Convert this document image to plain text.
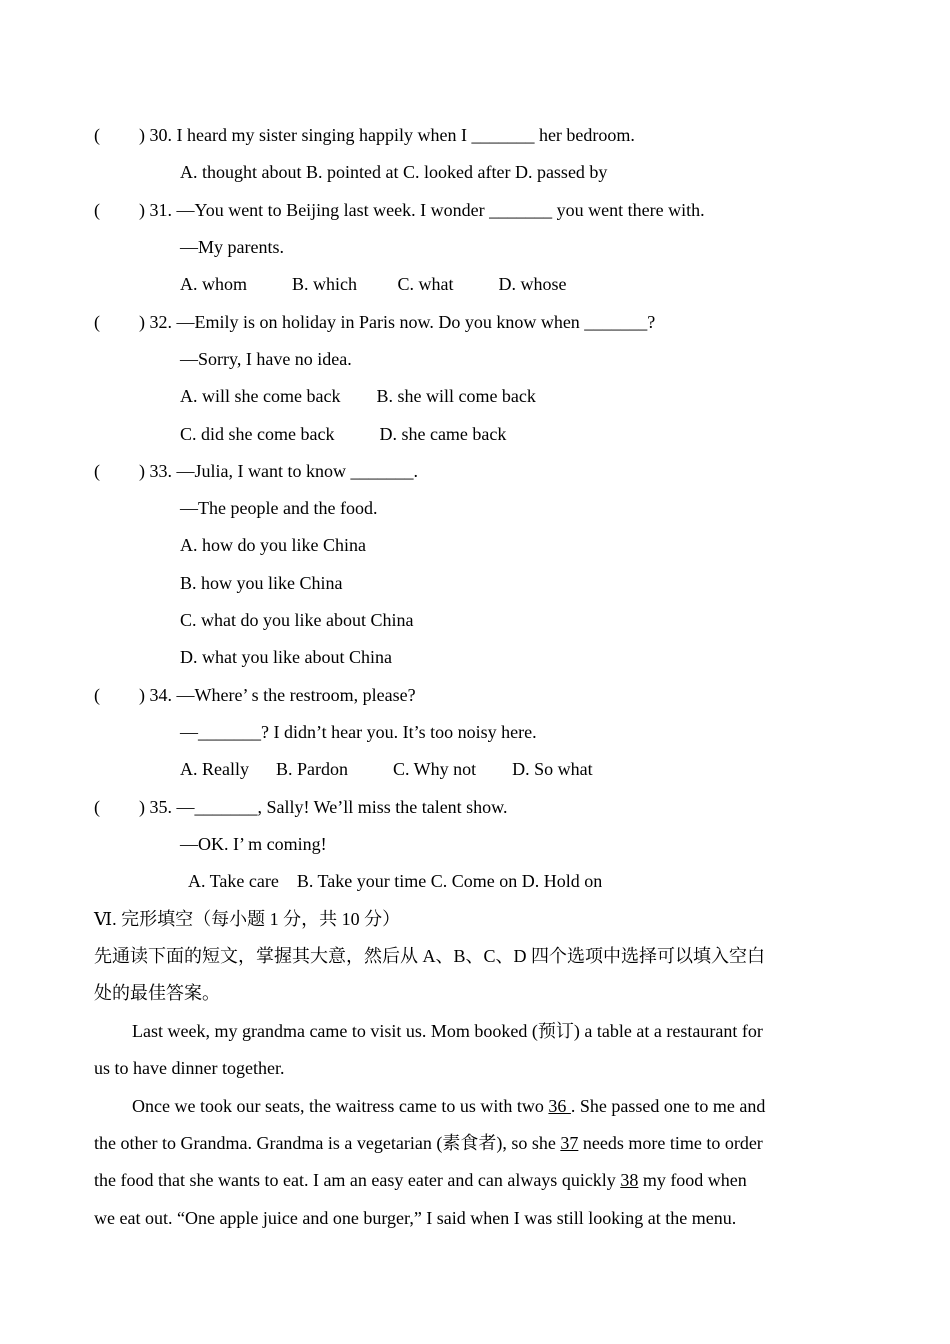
( ) 30. I heard my sister singing happily when I _______ her bedroom.
A. thought about B. pointed at C. looked after D. passed by
( ) 31. —You went to Beijing last week. I wonder _______ you went there with.
—My parents.
A. whom          B. which         C. what          D. whose
( ) 32. —Emily is on holiday in Paris now. Do you know when _______?
—Sorry, I have no idea.
A. will she come back        B. she will come back
C. did she come back          D. she came back
( ) 33. —Julia, I want to know _______.
—The people and the food.
A. how do you like China
B. how you like China
C. what do you like about China
D. what you like about China
( ) 34. —Where’ s the restroom, please?
—_______? I didn’t hear you. It’s too noisy here.
A. Really      B. Pardon          C. Why not        D. So what
( ) 35. —_______, Sally! We’ll miss the talent show.
—OK. I’ m coming!
A. Take care    B. Take your time C. Come on D. Hold on
Ⅵ. 完形填空（每小题 1 分，共 10 分）
先通读下面的短文，掌握其大意，然后从 A、B、C、D 四个选项中选择可以填入空白
处的最佳答案。
Last week, my grandma came to visit us. Mom booked (预订) a table at a restaurant for
us to have dinner together.
Once we took our seats, the waitress came to us with two 36 . She passed one to me and
the other to Grandma. Grandma is a vegetarian (素食者), so she 37 needs more time to order
the food that she wants to eat. I am an easy eater and can always quickly 38 my food when
we eat out. “One apple juice and one burger,” I said when I was still looking at the menu.
